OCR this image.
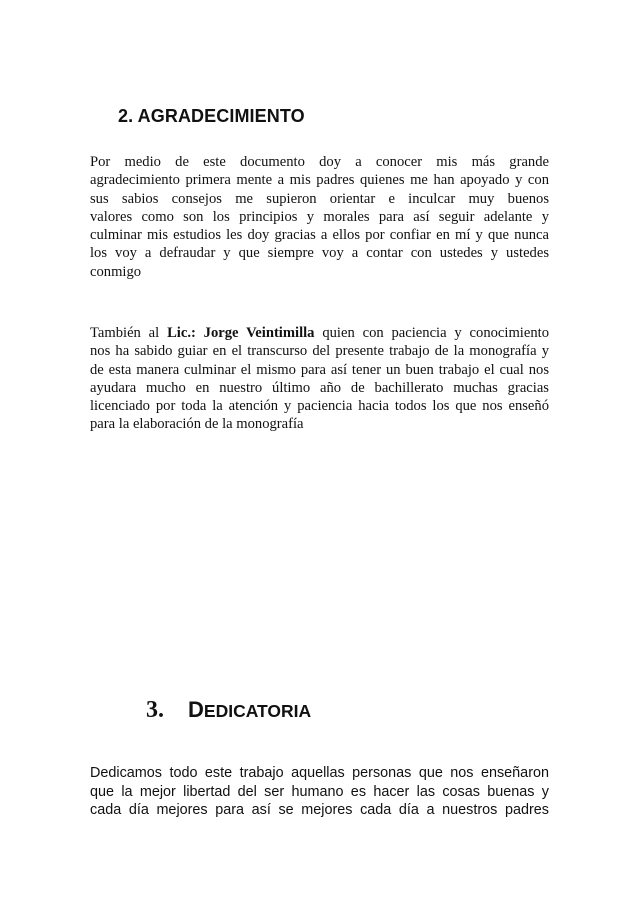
2. AGRADECIMIENTO

Por medio de este documento doy a conocer mis más grande
agradecimiento primera mente a mis padres quienes me han apoyado y con
sus sabios consejos me supieron orientar e inculcar muy buenos
valores como son los principios y morales para así seguir adelante y
culminar mis estudios les doy gracias a ellos por confiar en mí y que nunca
los voy a defraudar y que siempre voy a contar con ustedes y ustedes
conmigo

También al Lic.: Jorge Veintimilla quien con paciencia y conocimiento
nos ha sabido guiar en el transcurso del presente trabajo de la monografía y
de esta manera culminar el mismo para así tener un buen trabajo el cual nos
ayudara mucho en nuestro último año de bachillerato muchas gracias
licenciado por toda la atención y paciencia hacia todos los que nos enseñó
para la elaboración de la monografía

3. DEDICATORIA

Dedicamos todo este trabajo aquellas personas que nos enseñaron
que la mejor libertad del ser humano es hacer las cosas buenas y
cada día mejores para así se mejores cada día a nuestros padres
